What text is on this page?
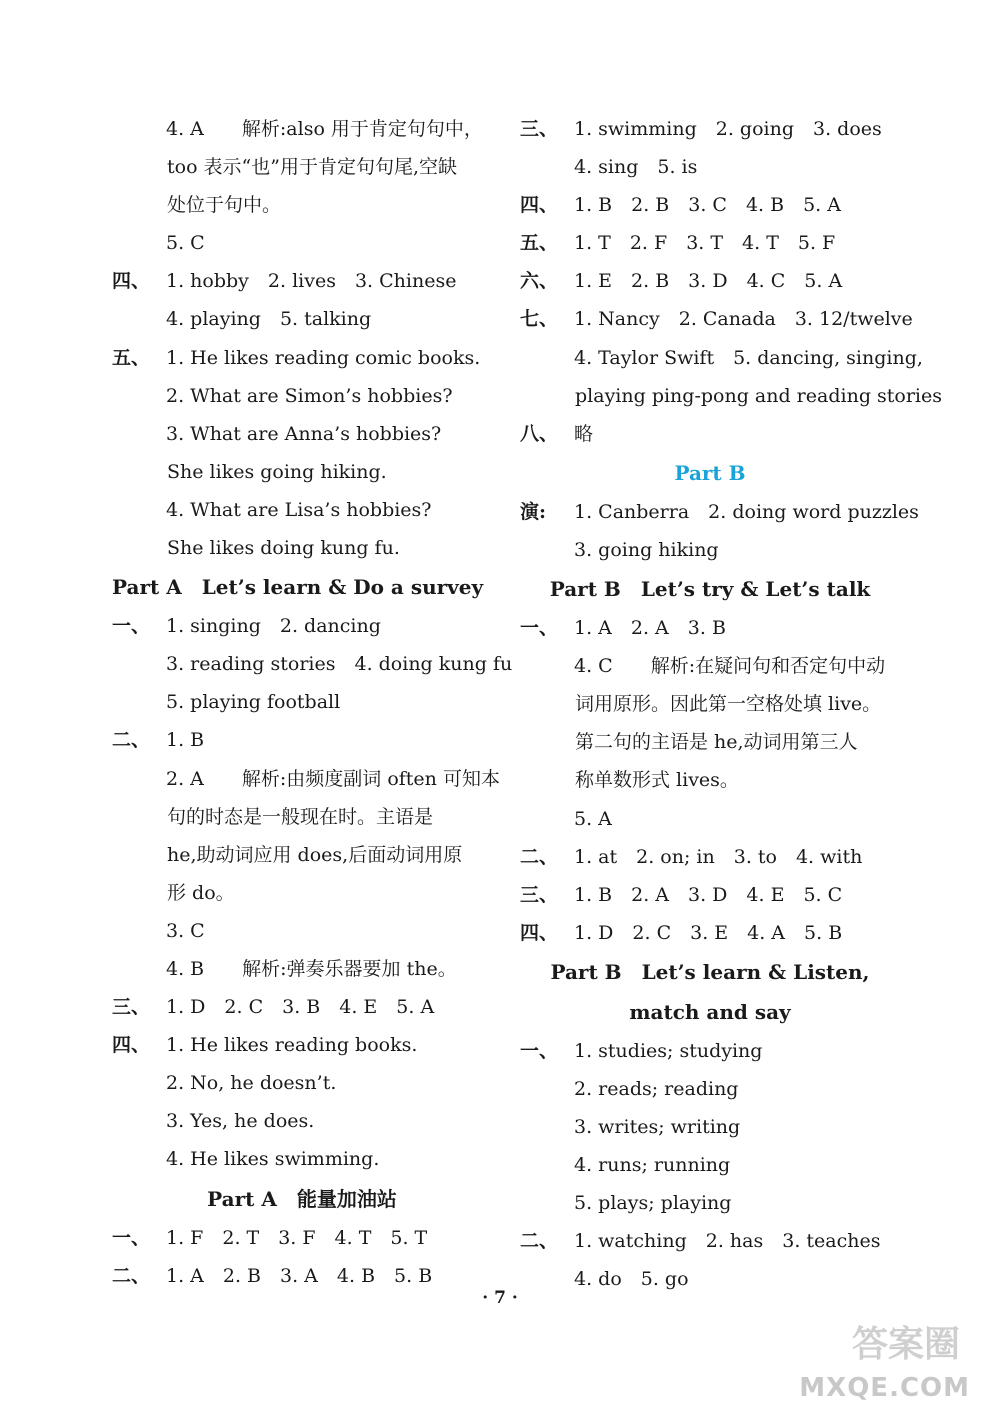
4. A　　解析:also 用于肯定句句中，
too 表示“也”用于肯定句句尾,空缺
处位于句中。
5. C
四、 1. hobby　2. lives　3. Chinese
4. playing　5. talking
五、 1. He likes reading comic books.
2. What are Simon’s hobbies?
3. What are Anna’s hobbies?
She likes going hiking.
4. What are Lisa’s hobbies?
She likes doing kung fu.
Part A　Let’s learn & Do a survey
一、 1. singing　2. dancing
3. reading stories　4. doing kung fu
5. playing football
二、 1. B
2. A　　解析:由频度副词 often 可知本
句的时态是一般现在时。主语是
he,助动词应用 does,后面动词用原
形 do。
3. C
4. B　　解析:弹奏乐器要加 the。
三、 1. D　2. C　3. B　4. E　5. A
四、 1. He likes reading books.
2. No, he doesn’t.
3. Yes, he does.
4. He likes swimming.
Part A　能量加油站
一、 1. F　2. T　3. F　4. T　5. T
二、 1. A　2. B　3. A　4. B　5. B
三、 1. swimming　2. going　3. does
4. sing　5. is
四、 1. B　2. B　3. C　4. B　5. A
五、 1. T　2. F　3. T　4. T　5. F
六、 1. E　2. B　3. D　4. C　5. A
七、 1. Nancy　2. Canada　3. 12/twelve
4. Taylor Swift　5. dancing, singing,
playing ping-pong and reading stories
八、 略
Part B
演: 1. Canberra　2. doing word puzzles
3. going hiking
Part B　Let’s try & Let’s talk
一、 1. A　2. A　3. B
4. C　　解析:在疑问句和否定句中动
词用原形。因此第一空格处填 live。
第二句的主语是 he,动词用第三人
称单数形式 lives。
5. A
二、 1. at　2. on; in　3. to　4. with
三、 1. B　2. A　3. D　4. E　5. C
四、 1. D　2. C　3. E　4. A　5. B
Part B　Let’s learn & Listen,
match and say
一、 1. studies; studying
2. reads; reading
3. writes; writing
4. runs; running
5. plays; playing
二、 1. watching　2. has　3. teaches
4. do　5. go
· 7 ·
答案圈
MXQE.COM
